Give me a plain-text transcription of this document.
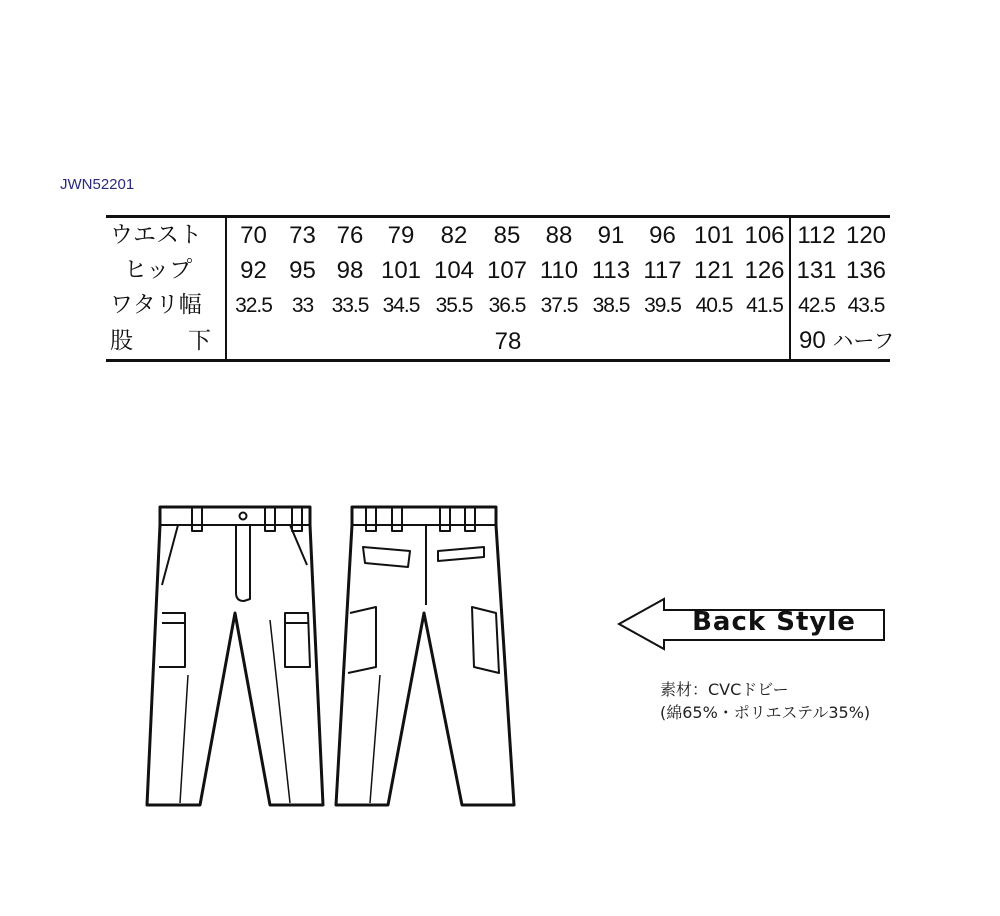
JWN52201
ウエスト	70	73	76	79	82	85	88	91	96	101	106	112	120
ヒップ	92	95	98	101	104	107	110	113	117	121	126	131	136
ワタリ幅	32.5	33	33.5	34.5	35.5	36.5	37.5	38.5	39.5	40.5	41.5	42.5	43.5

股 下	78											90 ハーフ	
Back Style
素材：CVCドビー
(綿65%・ポリエステル35%)
